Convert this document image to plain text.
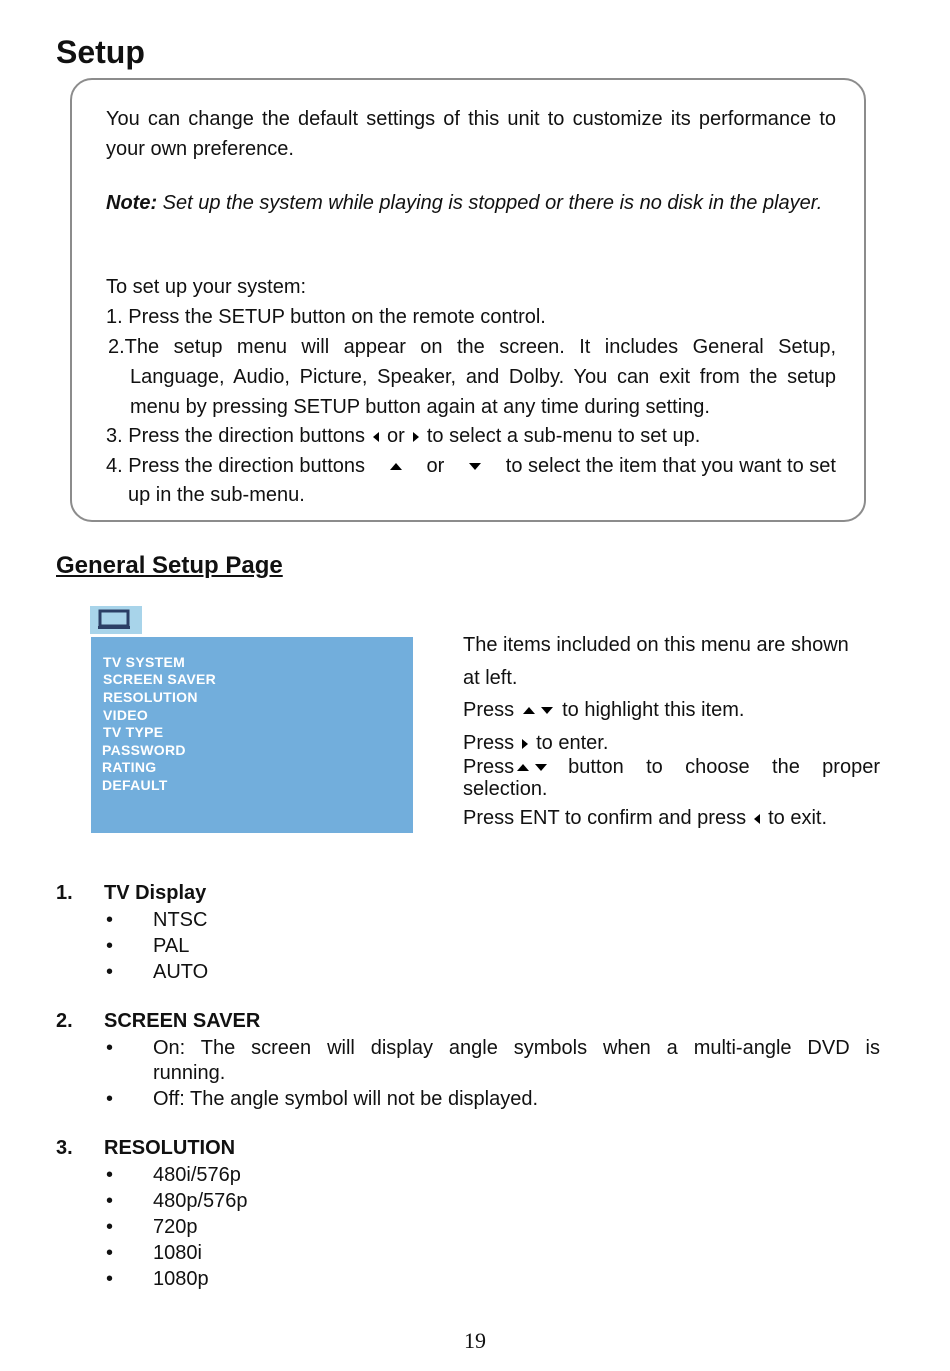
Setup
You can change the default settings of this unit to customize its performance to your own preference.
Note: Set up the system while playing is stopped or there is no disk in the player.
To set up your system:
1. Press the SETUP button on the remote control.
2.The setup menu will appear on the screen. It includes General Setup,
Language, Audio, Picture, Speaker, and Dolby. You can exit from the setup
menu by pressing SETUP button again at any time during setting.
3. Press the direction buttons or to select a sub-menu to set up.
4. Press the direction buttons	or	to select the item that you want to set
up in the sub-menu.
General Setup Page
TV SYSTEM
SCREEN SAVER
RESOLUTION
VIDEO
TV TYPE
PASSWORD
RATING
DEFAULT
The items included on this menu are shown
at left.
Press to highlight this item.
Press to enter.
Press	button to choose the proper
selection.
Press ENT to confirm and press to exit.
1. TV Display
• NTSC
• PAL
• AUTO
2. SCREEN SAVER
• On: The screen will display angle symbols when a multi-angle DVD is
running.
• Off: The angle symbol will not be displayed.
3. RESOLUTION
• 480i/576p
• 480p/576p
• 720p
• 1080i
• 1080p
19
